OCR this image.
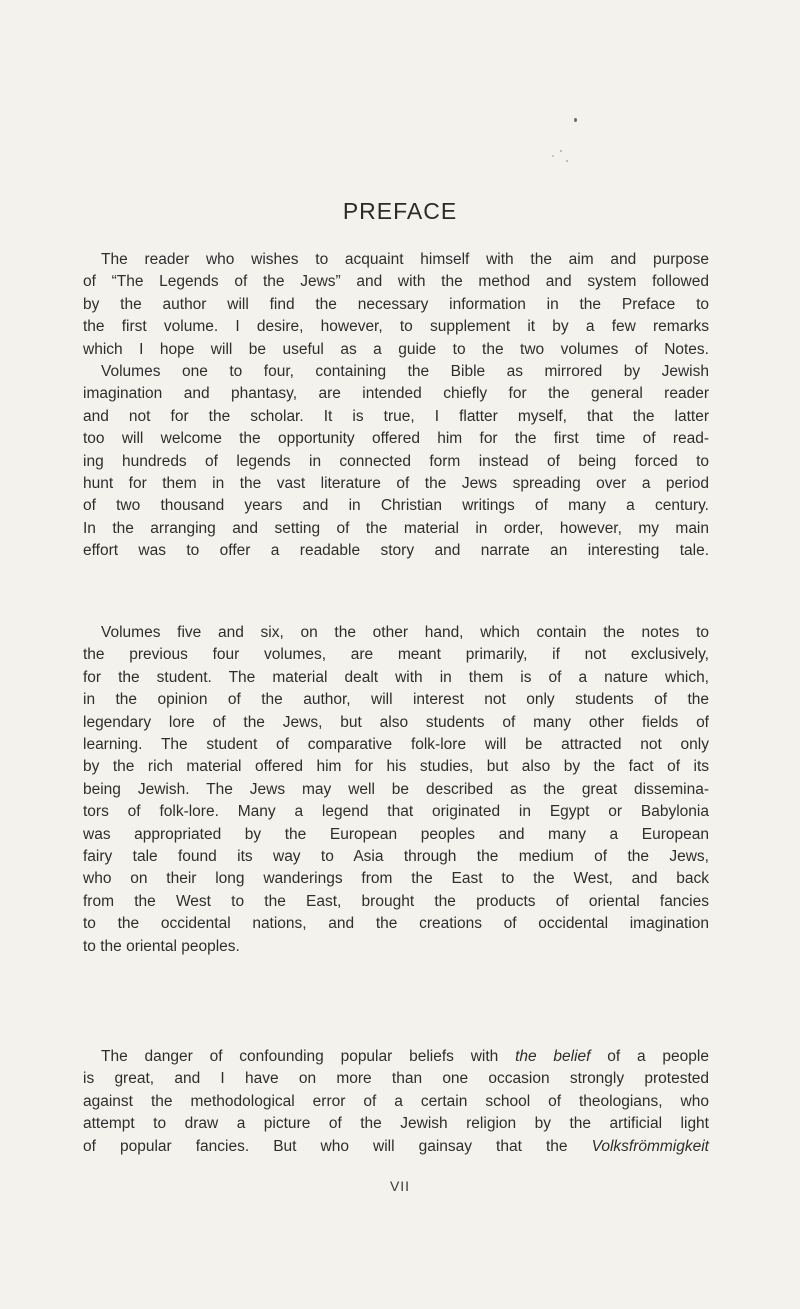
PREFACE
The reader who wishes to acquaint himself with the aim and purpose
of “The Legends of the Jews” and with the method and system followed
by the author will find the necessary information in the Preface to
the first volume. I desire, however, to supplement it by a few remarks
which I hope will be useful as a guide to the two volumes of Notes.
Volumes one to four, containing the Bible as mirrored by Jewish
imagination and phantasy, are intended chiefly for the general reader
and not for the scholar. It is true, I flatter myself, that the latter
too will welcome the opportunity offered him for the first time of read-
ing hundreds of legends in connected form instead of being forced to
hunt for them in the vast literature of the Jews spreading over a period
of two thousand years and in Christian writings of many a century.
In the arranging and setting of the material in order, however, my main
effort was to offer a readable story and narrate an interesting tale.
Volumes five and six, on the other hand, which contain the notes to
the previous four volumes, are meant primarily, if not exclusively,
for the student. The material dealt with in them is of a nature which,
in the opinion of the author, will interest not only students of the
legendary lore of the Jews, but also students of many other fields of
learning. The student of comparative folk-lore will be attracted not only
by the rich material offered him for his studies, but also by the fact of its
being Jewish. The Jews may well be described as the great dissemina-
tors of folk-lore. Many a legend that originated in Egypt or Babylonia
was appropriated by the European peoples and many a European
fairy tale found its way to Asia through the medium of the Jews,
who on their long wanderings from the East to the West, and back
from the West to the East, brought the products of oriental fancies
to the occidental nations, and the creations of occidental imagination
to the oriental peoples.
The danger of confounding popular beliefs with the belief of a people
is great, and I have on more than one occasion strongly protested
against the methodological error of a certain school of theologians, who
attempt to draw a picture of the Jewish religion by the artificial light
of popular fancies. But who will gainsay that the Volksfrömmigkeit
VII
